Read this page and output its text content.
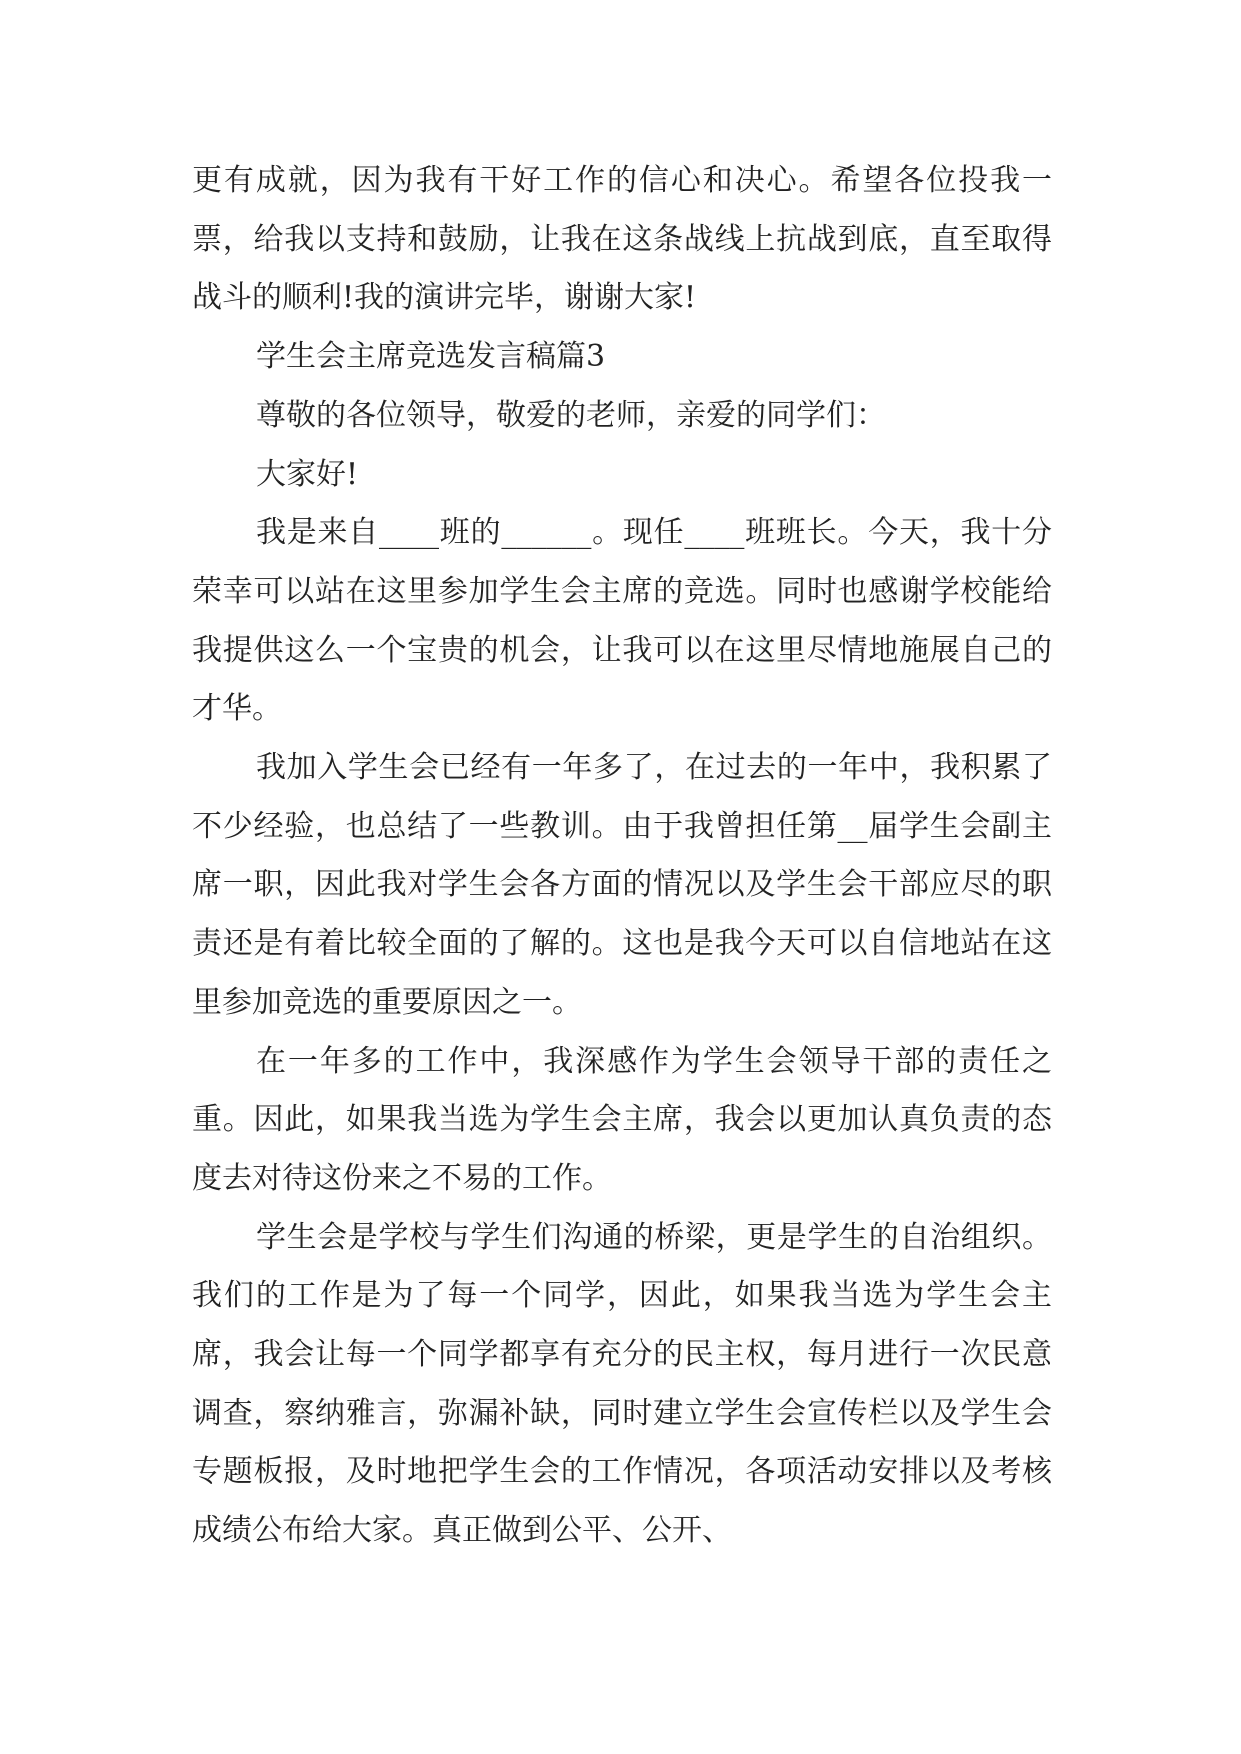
更有成就，因为我有干好工作的信心和决心。希望各位投我一票，给我以支持和鼓励，让我在这条战线上抗战到底，直至取得战斗的顺利!我的演讲完毕，谢谢大家!

学生会主席竞选发言稿篇3

尊敬的各位领导，敬爱的老师，亲爱的同学们：

大家好!

我是来自____班的______。现任____班班长。今天，我十分荣幸可以站在这里参加学生会主席的竞选。同时也感谢学校能给我提供这么一个宝贵的机会，让我可以在这里尽情地施展自己的才华。

我加入学生会已经有一年多了，在过去的一年中，我积累了不少经验，也总结了一些教训。由于我曾担任第__届学生会副主席一职，因此我对学生会各方面的情况以及学生会干部应尽的职责还是有着比较全面的了解的。这也是我今天可以自信地站在这里参加竞选的重要原因之一。

在一年多的工作中，我深感作为学生会领导干部的责任之重。因此，如果我当选为学生会主席，我会以更加认真负责的态度去对待这份来之不易的工作。

学生会是学校与学生们沟通的桥梁，更是学生的自治组织。我们的工作是为了每一个同学，因此，如果我当选为学生会主席，我会让每一个同学都享有充分的民主权，每月进行一次民意调查，察纳雅言，弥漏补缺，同时建立学生会宣传栏以及学生会专题板报，及时地把学生会的工作情况，各项活动安排以及考核成绩公布给大家。真正做到公平、公开、
